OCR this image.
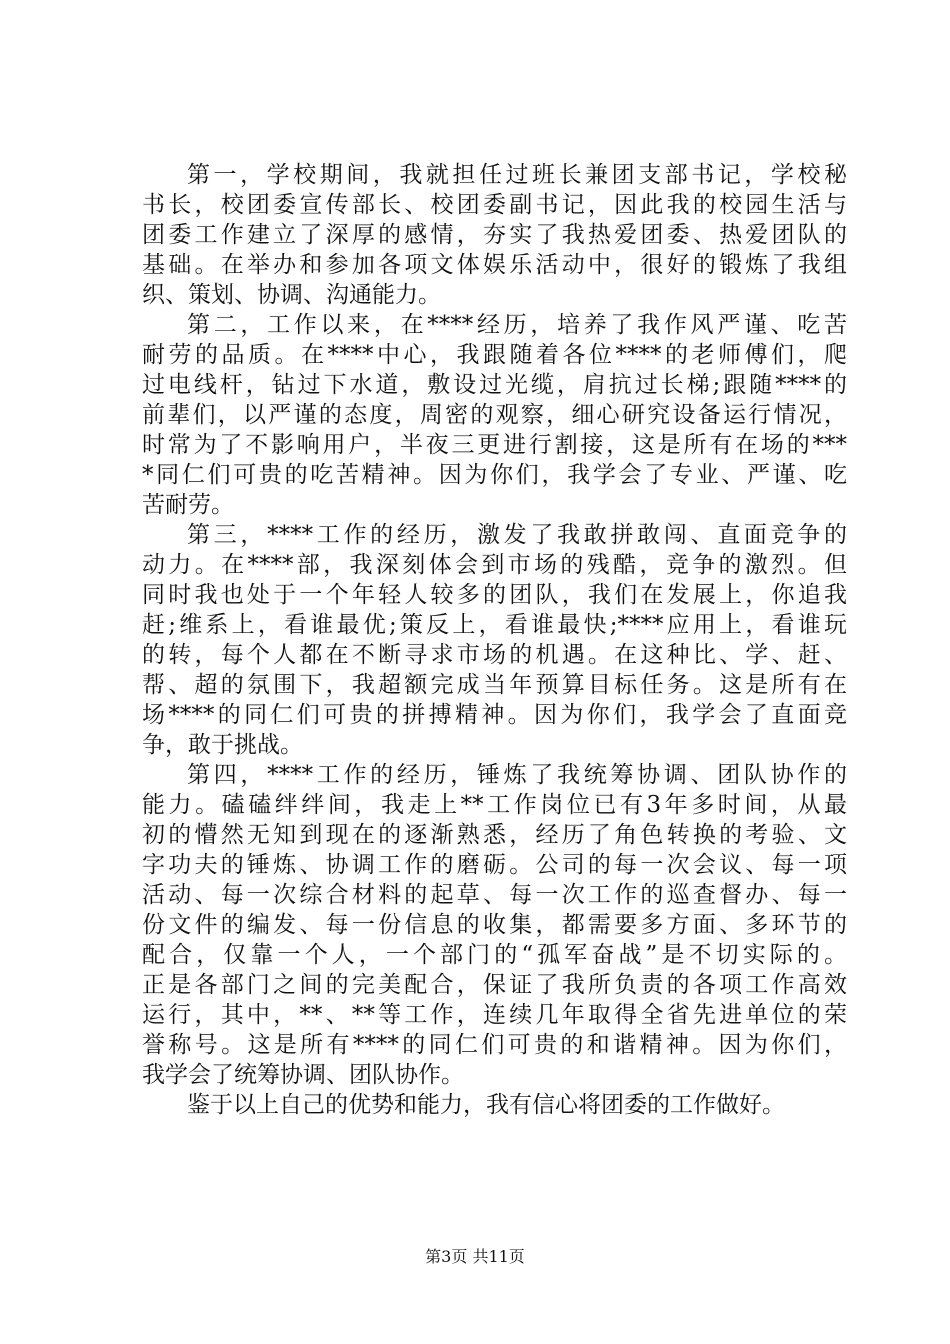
第一，学校期间，我就担任过班长兼团支部书记，学校秘
书长，校团委宣传部长、校团委副书记，因此我的校园生活与
团委工作建立了深厚的感情，夯实了我热爱团委、热爱团队的
基础。在举办和参加各项文体娱乐活动中，很好的锻炼了我组
织、策划、协调、沟通能力。
第二，工作以来，在****经历，培养了我作风严谨、吃苦
耐劳的品质。在****中心，我跟随着各位****的老师傅们，爬
过电线杆，钻过下水道，敷设过光缆，肩抗过长梯;跟随****的
前辈们，以严谨的态度，周密的观察，细心研究设备运行情况，
时常为了不影响用户，半夜三更进行割接，这是所有在场的***
*同仁们可贵的吃苦精神。因为你们，我学会了专业、严谨、吃
苦耐劳。
第三，****工作的经历，激发了我敢拼敢闯、直面竞争的
动力。在****部，我深刻体会到市场的残酷，竞争的激烈。但
同时我也处于一个年轻人较多的团队，我们在发展上，你追我
赶;维系上，看谁最优;策反上，看谁最快;****应用上，看谁玩
的转，每个人都在不断寻求市场的机遇。在这种比、学、赶、
帮、超的氛围下，我超额完成当年预算目标任务。这是所有在
场****的同仁们可贵的拼搏精神。因为你们，我学会了直面竞
争，敢于挑战。
第四，****工作的经历，锤炼了我统筹协调、团队协作的
能力。磕磕绊绊间，我走上**工作岗位已有3年多时间，从最
初的懵然无知到现在的逐渐熟悉，经历了角色转换的考验、文
字功夫的锤炼、协调工作的磨砺。公司的每一次会议、每一项
活动、每一次综合材料的起草、每一次工作的巡查督办、每一
份文件的编发、每一份信息的收集，都需要多方面、多环节的
配合，仅靠一个人，一个部门的“孤军奋战”是不切实际的。
正是各部门之间的完美配合，保证了我所负责的各项工作高效
运行，其中，**、**等工作，连续几年取得全省先进单位的荣
誉称号。这是所有****的同仁们可贵的和谐精神。因为你们，
我学会了统筹协调、团队协作。
鉴于以上自己的优势和能力，我有信心将团委的工作做好。
第3页 共11页
